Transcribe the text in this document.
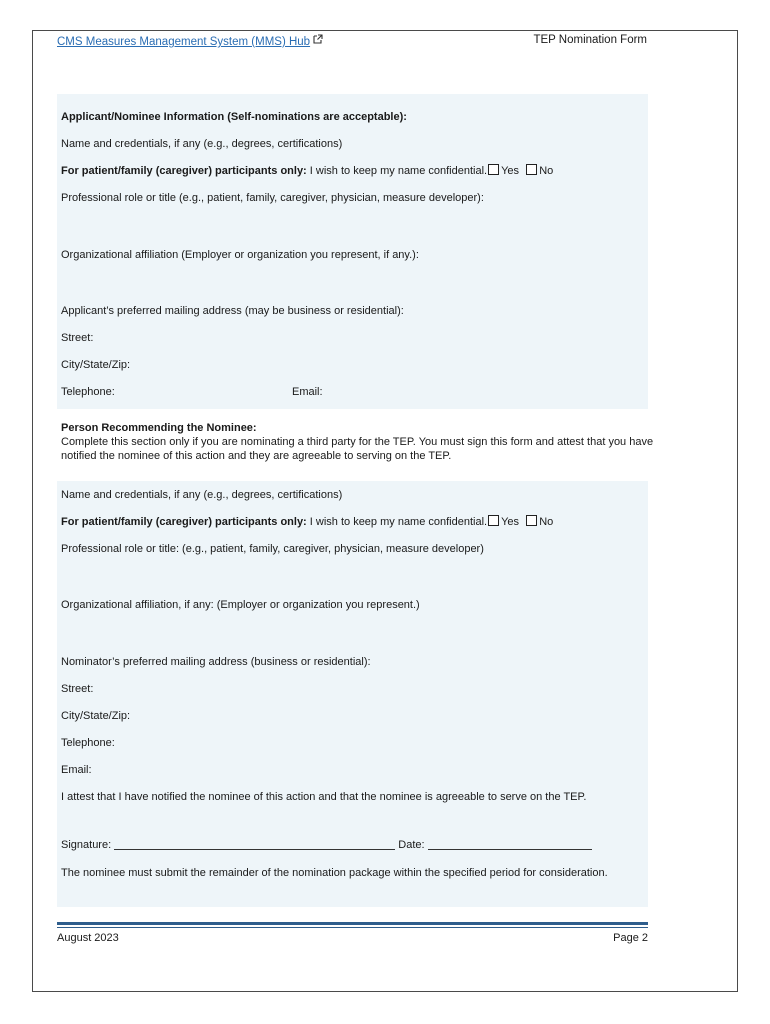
CMS Measures Management System (MMS) Hub	TEP Nomination Form
Applicant/Nominee Information (Self-nominations are acceptable):
Name and credentials, if any (e.g., degrees, certifications)
For patient/family (caregiver) participants only: I wish to keep my name confidential. Yes No
Professional role or title (e.g., patient, family, caregiver, physician, measure developer):
Organizational affiliation (Employer or organization you represent, if any.):
Applicant’s preferred mailing address (may be business or residential):
Street:
City/State/Zip:
Telephone:	Email:
Person Recommending the Nominee:
Complete this section only if you are nominating a third party for the TEP. You must sign this form and attest that you have notified the nominee of this action and they are agreeable to serving on the TEP.
Name and credentials, if any (e.g., degrees, certifications)
For patient/family (caregiver) participants only: I wish to keep my name confidential. Yes No
Professional role or title: (e.g., patient, family, caregiver, physician, measure developer)
Organizational affiliation, if any: (Employer or organization you represent.)
Nominator’s preferred mailing address (business or residential):
Street:
City/State/Zip:
Telephone:
Email:
I attest that I have notified the nominee of this action and that the nominee is agreeable to serve on the TEP.
Signature:	Date:
The nominee must submit the remainder of the nomination package within the specified period for consideration.
August 2023	Page 2
